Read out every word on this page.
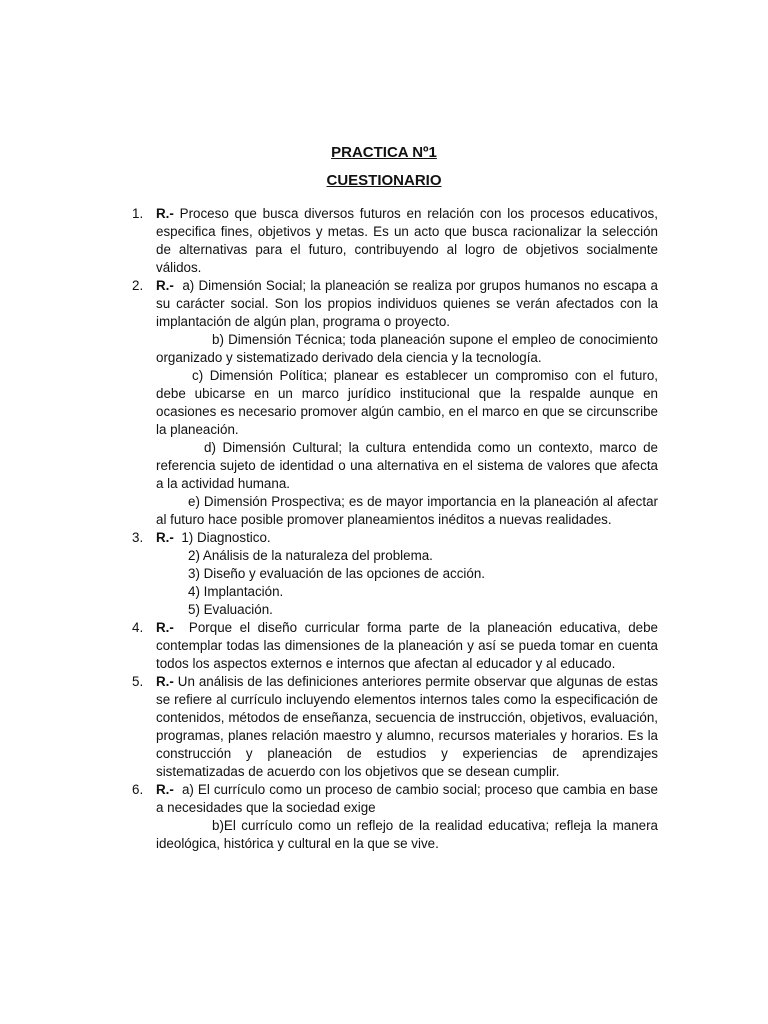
PRACTICA Nº1
CUESTIONARIO
1. R.- Proceso que busca diversos futuros en relación con los procesos educativos, especifica fines, objetivos y metas. Es un acto que busca racionalizar la selección de alternativas para el futuro, contribuyendo al logro de objetivos socialmente válidos.

2. R.- a) Dimensión Social; la planeación se realiza por grupos humanos no escapa a su carácter social. Son los propios individuos quienes se verán afectados con la implantación de algún plan, programa o proyecto.

b) Dimensión Técnica; toda planeación supone el empleo de conocimiento organizado y sistematizado derivado dela ciencia y la tecnología.

c) Dimensión Política; planear es establecer un compromiso con el futuro, debe ubicarse en un marco jurídico institucional que la respalde aunque en ocasiones es necesario promover algún cambio, en el marco en que se circunscribe la planeación.

d) Dimensión Cultural; la cultura entendida como un contexto, marco de referencia sujeto de identidad o una alternativa en el sistema de valores que afecta a la actividad humana.

e) Dimensión Prospectiva; es de mayor importancia en la planeación al afectar al futuro hace posible promover planeamientos inéditos a nuevas realidades.

3. R.- 1) Diagnostico.

2) Análisis de la naturaleza del problema.

3) Diseño y evaluación de las opciones de acción.

4) Implantación.

5) Evaluación.

4. R.- Porque el diseño curricular forma parte de la planeación educativa, debe contemplar todas las dimensiones de la planeación y así se pueda tomar en cuenta todos los aspectos externos e internos que afectan al educador y al educado.

5. R.- Un análisis de las definiciones anteriores permite observar que algunas de estas se refiere al currículo incluyendo elementos internos tales como la especificación de contenidos, métodos de enseñanza, secuencia de instrucción, objetivos, evaluación, programas, planes relación maestro y alumno, recursos materiales y horarios. Es la construcción y planeación de estudios y experiencias de aprendizajes sistematizadas de acuerdo con los objetivos que se desean cumplir.

6. R.- a) El currículo como un proceso de cambio social; proceso que cambia en base a necesidades que la sociedad exige

b)El currículo como un reflejo de la realidad educativa; refleja la manera ideológica, histórica y cultural en la que se vive.
